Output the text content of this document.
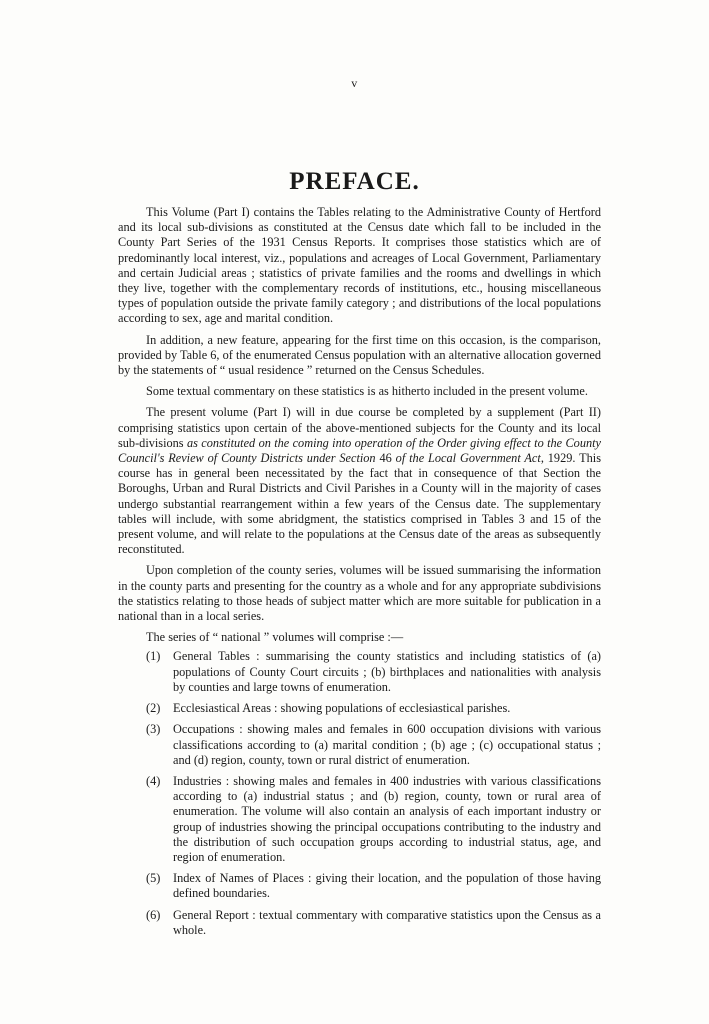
v
PREFACE.

This Volume (Part I) contains the Tables relating to the Administrative County of Hertford and its local sub-divisions as constituted at the Census date which fall to be included in the County Part Series of the 1931 Census Reports. It comprises those statistics which are of predominantly local interest, viz., populations and acreages of Local Government, Parliamentary and certain Judicial areas ; statistics of private families and the rooms and dwellings in which they live, together with the complementary records of institutions, etc., housing miscellaneous types of population outside the private family category ; and distributions of the local populations according to sex, age and marital condition.

In addition, a new feature, appearing for the first time on this occasion, is the comparison, provided by Table 6, of the enumerated Census population with an alternative allocation governed by the statements of “ usual residence ” returned on the Census Schedules.

Some textual commentary on these statistics is as hitherto included in the present volume.

The present volume (Part I) will in due course be completed by a supplement (Part II) comprising statistics upon certain of the above-mentioned subjects for the County and its local sub-divisions as constituted on the coming into operation of the Order giving effect to the County Council's Review of County Districts under Section 46 of the Local Government Act, 1929. This course has in general been necessitated by the fact that in consequence of that Section the Boroughs, Urban and Rural Districts and Civil Parishes in a County will in the majority of cases undergo substantial rearrangement within a few years of the Census date. The supplementary tables will include, with some abridgment, the statistics comprised in Tables 3 and 15 of the present volume, and will relate to the populations at the Census date of the areas as subsequently reconstituted.

Upon completion of the county series, volumes will be issued summarising the information in the county parts and presenting for the country as a whole and for any appropriate subdivisions the statistics relating to those heads of subject matter which are more suitable for publication in a national than in a local series.

The series of “ national ” volumes will comprise :—

(1) General Tables : summarising the county statistics and including statistics of (a) populations of County Court circuits ; (b) birthplaces and nationalities with analysis by counties and large towns of enumeration.
(2) Ecclesiastical Areas : showing populations of ecclesiastical parishes.
(3) Occupations : showing males and females in 600 occupation divisions with various classifications according to (a) marital condition ; (b) age ; (c) occupational status ; and (d) region, county, town or rural district of enumeration.
(4) Industries : showing males and females in 400 industries with various classifications according to (a) industrial status ; and (b) region, county, town or rural area of enumeration. The volume will also contain an analysis of each important industry or group of industries showing the principal occupations contributing to the industry and the distribution of such occupation groups according to industrial status, age, and region of enumeration.
(5) Index of Names of Places : giving their location, and the population of those having defined boundaries.
(6) General Report : textual commentary with comparative statistics upon the Census as a whole.
